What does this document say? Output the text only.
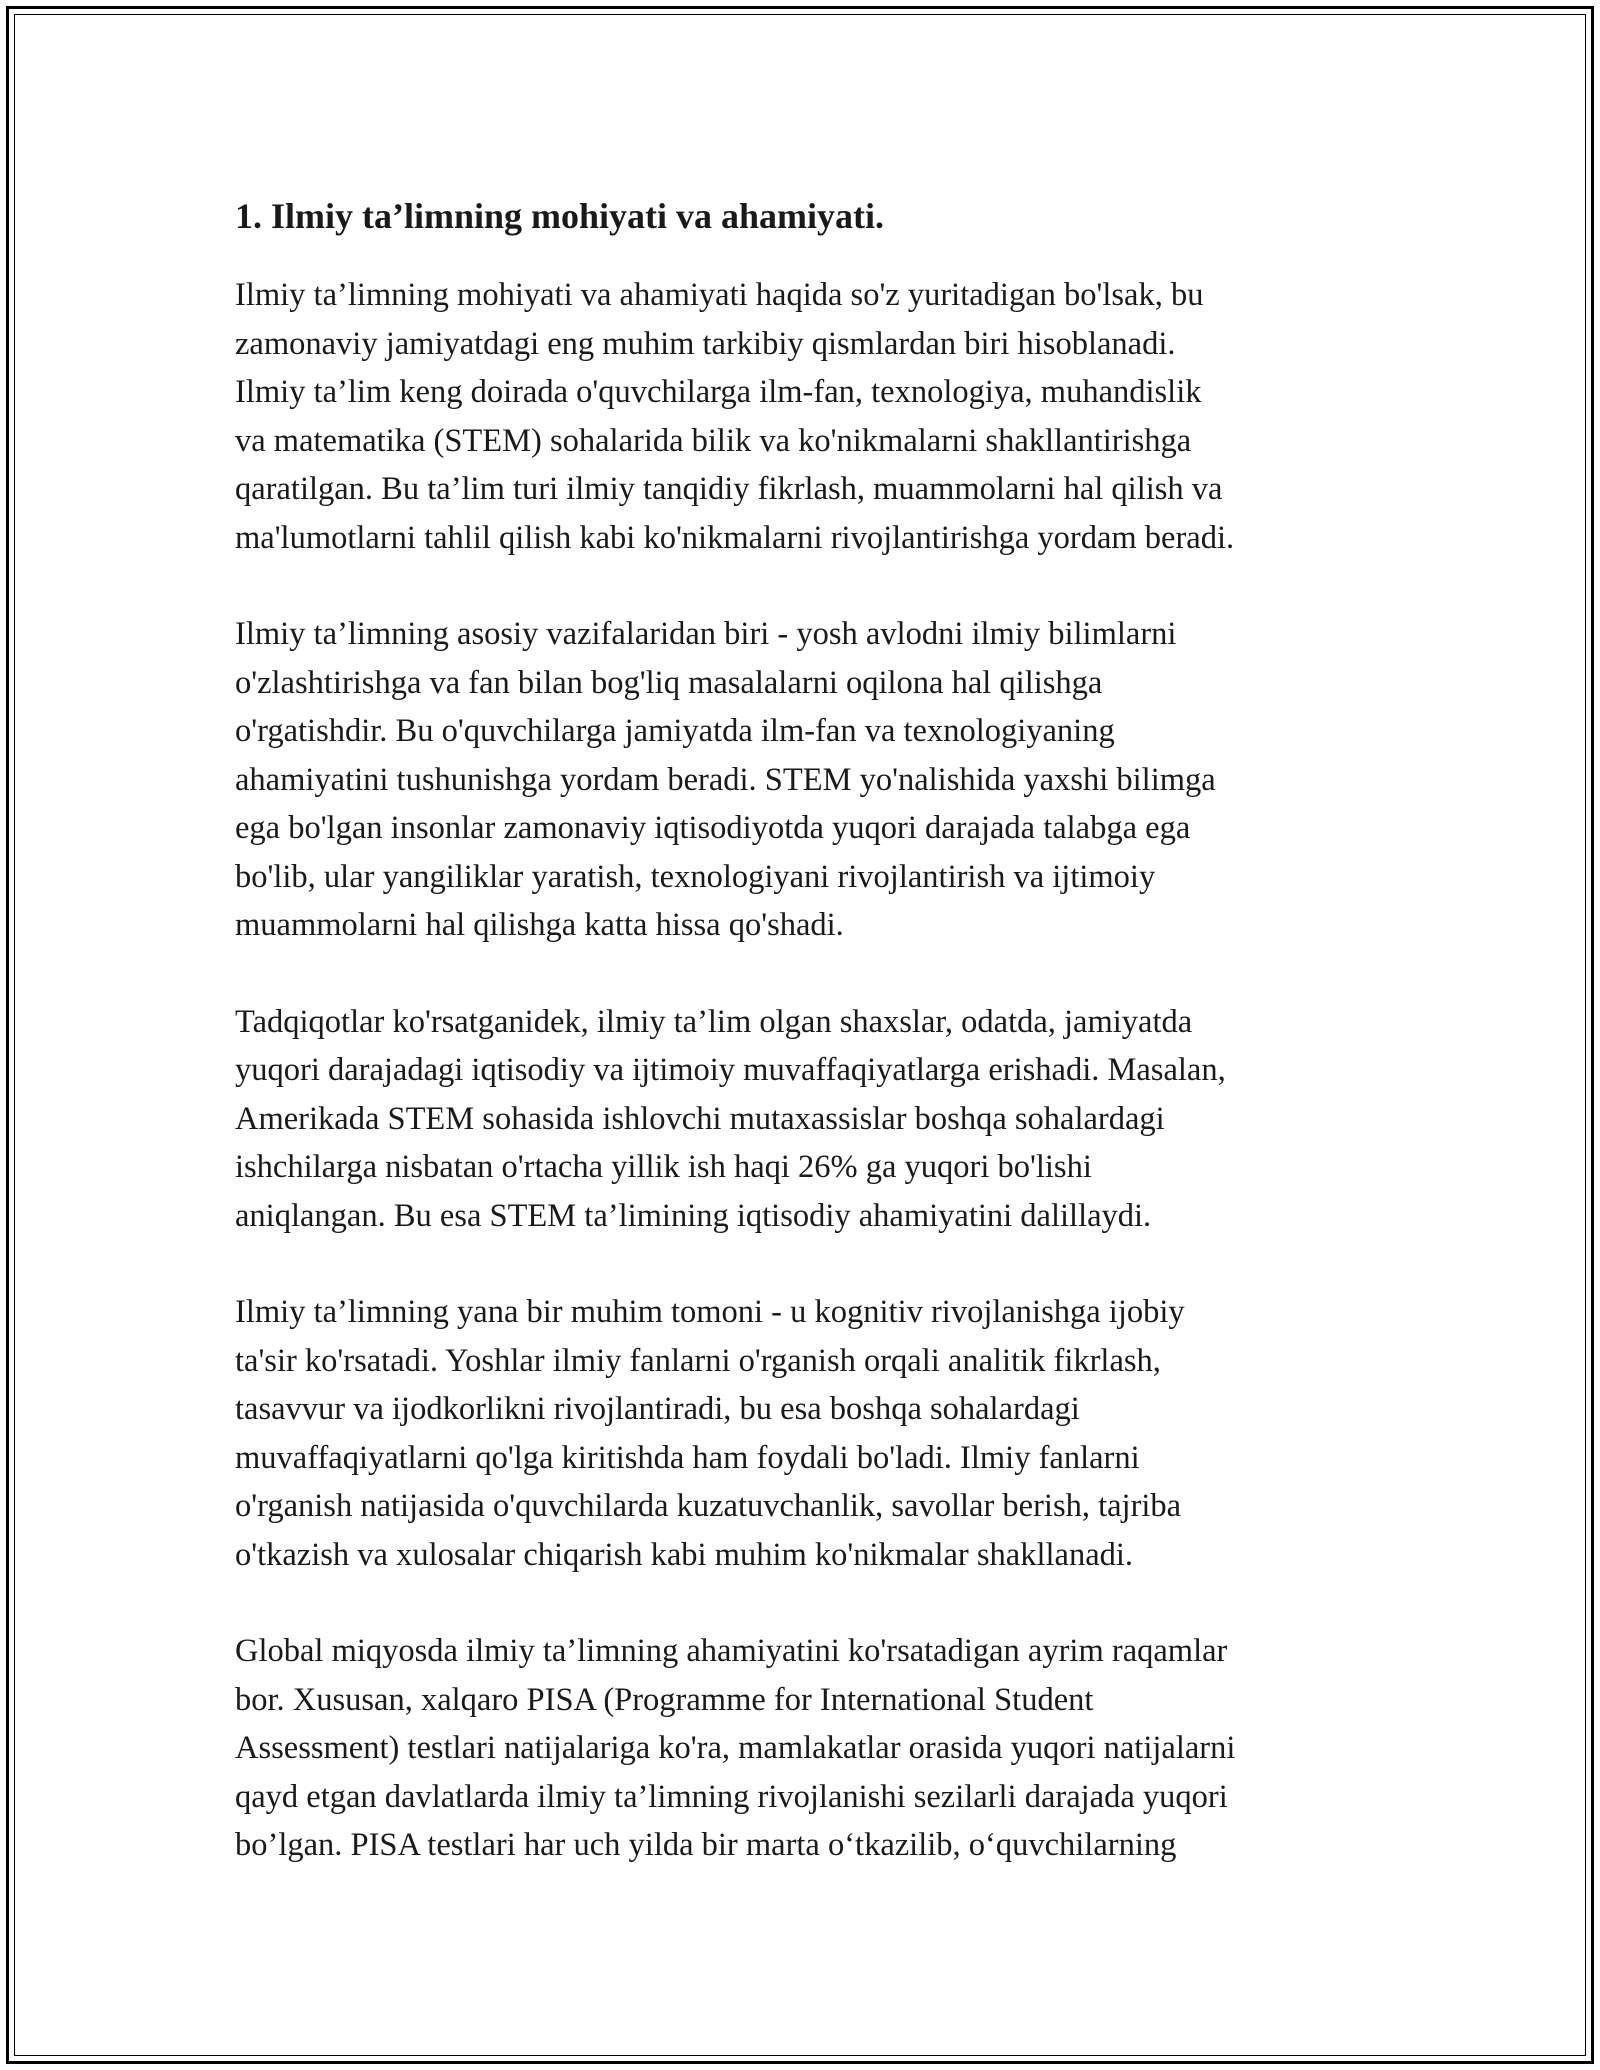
1. Ilmiy ta’limning mohiyati va ahamiyati.

Ilmiy ta’limning mohiyati va ahamiyati haqida so'z yuritadigan bo'lsak, bu
zamonaviy jamiyatdagi eng muhim tarkibiy qismlardan biri hisoblanadi.
Ilmiy ta’lim keng doirada o'quvchilarga ilm-fan, texnologiya, muhandislik
va matematika (STEM) sohalarida bilik va ko'nikmalarni shakllantirishga
qaratilgan. Bu ta’lim turi ilmiy tanqidiy fikrlash, muammolarni hal qilish va
ma'lumotlarni tahlil qilish kabi ko'nikmalarni rivojlantirishga yordam beradi.

Ilmiy ta’limning asosiy vazifalaridan biri - yosh avlodni ilmiy bilimlarni
o'zlashtirishga va fan bilan bog'liq masalalarni oqilona hal qilishga
o'rgatishdir. Bu o'quvchilarga jamiyatda ilm-fan va texnologiyaning
ahamiyatini tushunishga yordam beradi. STEM yo'nalishida yaxshi bilimga
ega bo'lgan insonlar zamonaviy iqtisodiyotda yuqori darajada talabga ega
bo'lib, ular yangiliklar yaratish, texnologiyani rivojlantirish va ijtimoiy
muammolarni hal qilishga katta hissa qo'shadi.

Tadqiqotlar ko'rsatganidek, ilmiy ta’lim olgan shaxslar, odatda, jamiyatda
yuqori darajadagi iqtisodiy va ijtimoiy muvaffaqiyatlarga erishadi. Masalan,
Amerikada STEM sohasida ishlovchi mutaxassislar boshqa sohalardagi
ishchilarga nisbatan o'rtacha yillik ish haqi 26% ga yuqori bo'lishi
aniqlangan. Bu esa STEM ta’limining iqtisodiy ahamiyatini dalillaydi.

Ilmiy ta’limning yana bir muhim tomoni - u kognitiv rivojlanishga ijobiy
ta'sir ko'rsatadi. Yoshlar ilmiy fanlarni o'rganish orqali analitik fikrlash,
tasavvur va ijodkorlikni rivojlantiradi, bu esa boshqa sohalardagi
muvaffaqiyatlarni qo'lga kiritishda ham foydali bo'ladi. Ilmiy fanlarni
o'rganish natijasida o'quvchilarda kuzatuvchanlik, savollar berish, tajriba
o'tkazish va xulosalar chiqarish kabi muhim ko'nikmalar shakllanadi.

Global miqyosda ilmiy ta’limning ahamiyatini ko'rsatadigan ayrim raqamlar
bor. Xususan, xalqaro PISA (Programme for International Student
Assessment) testlari natijalariga ko'ra, mamlakatlar orasida yuqori natijalarni
qayd etgan davlatlarda ilmiy ta’limning rivojlanishi sezilarli darajada yuqori
bo’lgan. PISA testlari har uch yilda bir marta o‘tkazilib, o‘quvchilarning
